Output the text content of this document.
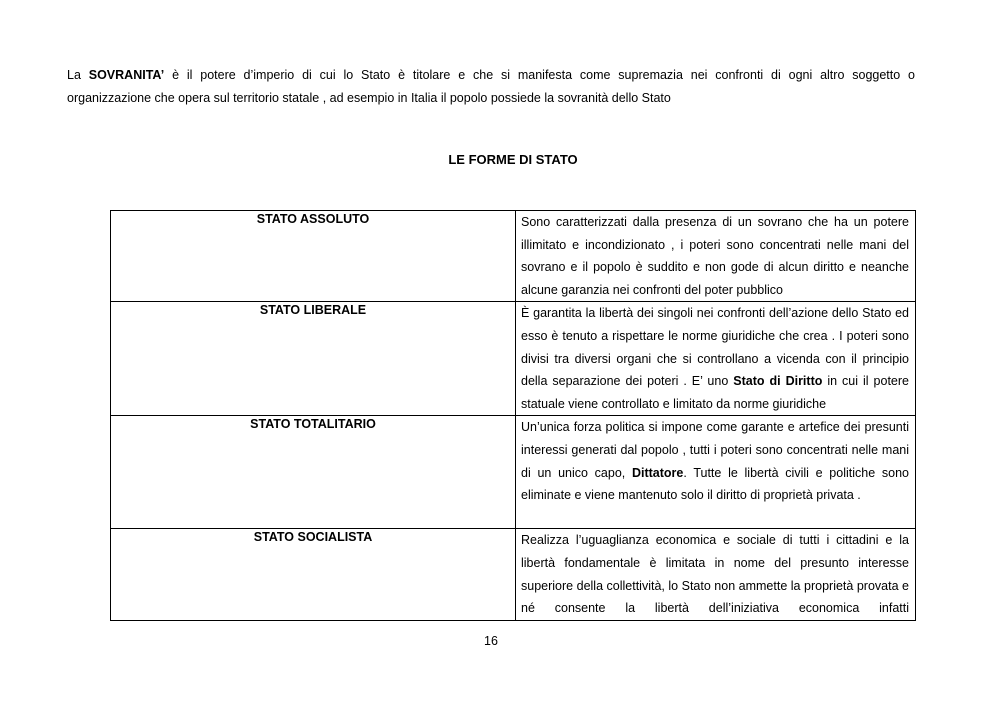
La SOVRANITA’ è il potere d’imperio di cui lo Stato è titolare e che si manifesta come supremazia nei confronti di ogni altro soggetto o
organizzazione che opera sul territorio statale , ad esempio in Italia il popolo possiede la sovranità dello Stato

LE FORME DI STATO
STATO ASSOLUTO	Sono caratterizzati dalla presenza di un sovrano che ha un potere illimitato e incondizionato , i poteri sono concentrati nelle mani del sovrano e il popolo è suddito e non gode di alcun diritto e neanche alcune garanzia nei confronti del poter pubblico
STATO LIBERALE	È garantita la libertà dei singoli nei confronti dell’azione dello Stato ed esso è tenuto a rispettare le norme giuridiche che crea . I poteri sono divisi tra diversi organi che si controllano a vicenda con il principio della separazione dei poteri . E’ uno Stato di Diritto in cui il potere statuale viene controllato e limitato da norme giuridiche
STATO TOTALITARIO	Un’unica forza politica si impone come garante e artefice dei presunti interessi generati dal popolo , tutti i poteri sono concentrati nelle mani di un unico capo, Dittatore. Tutte le libertà civili e politiche sono eliminate e viene mantenuto solo il diritto di proprietà privata .
STATO SOCIALISTA	Realizza l’uguaglianza economica e sociale di tutti i cittadini e la libertà fondamentale è limitata in nome del presunto interesse superiore della collettività, lo Stato non ammette la proprietà provata e né consente la libertà dell’iniziativa economica infatti

16
